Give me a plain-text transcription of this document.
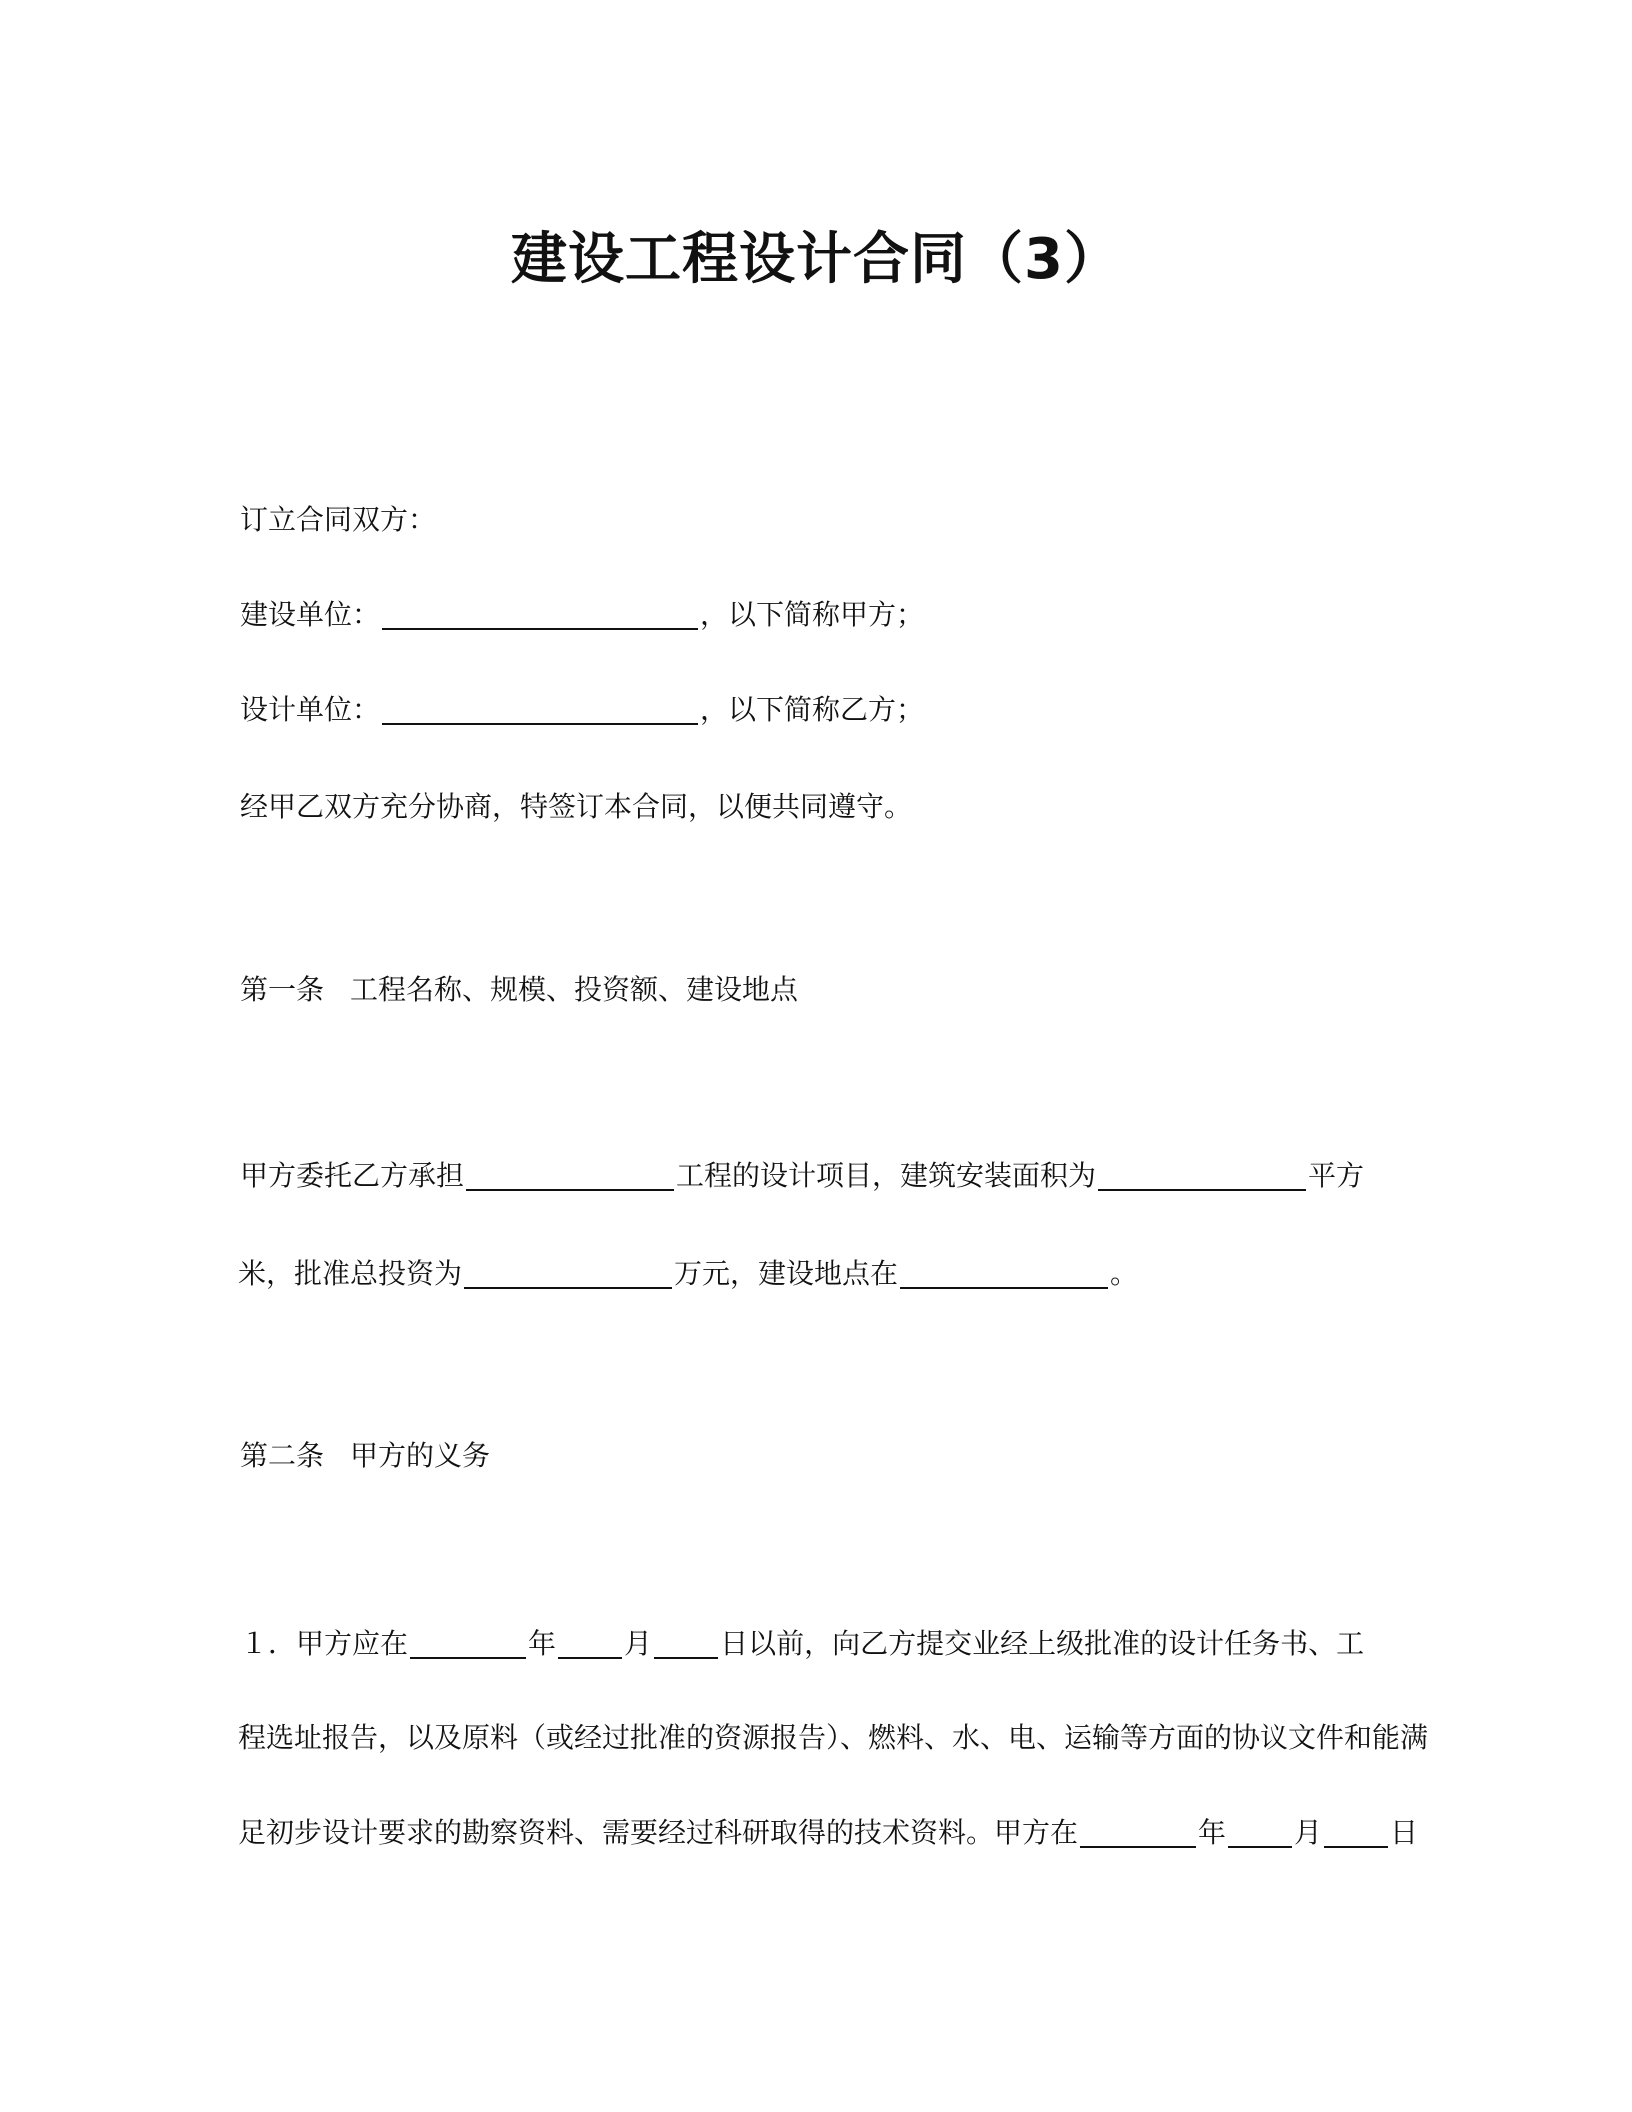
建设工程设计合同（3）
订立合同双方：
建设单位：	，以下简称甲方；
设计单位：	，以下简称乙方；
经甲乙双方充分协商，特签订本合同，以便共同遵守。
第一条 工程名称、规模、投资额、建设地点
甲方委托乙方承担	工程的设计项目，建筑安装面积为	平方
米，批准总投资为	万元，建设地点在	。
第二条 甲方的义务
１．甲方应在	年 月 日以前，向乙方提交业经上级批准的设计任务书、工
程选址报告，以及原料（或经过批准的资源报告）、燃料、水、电、运输等方面的协议文件和能满
足初步设计要求的勘察资料、需要经过科研取得的技术资料。甲方在	年 月 日
